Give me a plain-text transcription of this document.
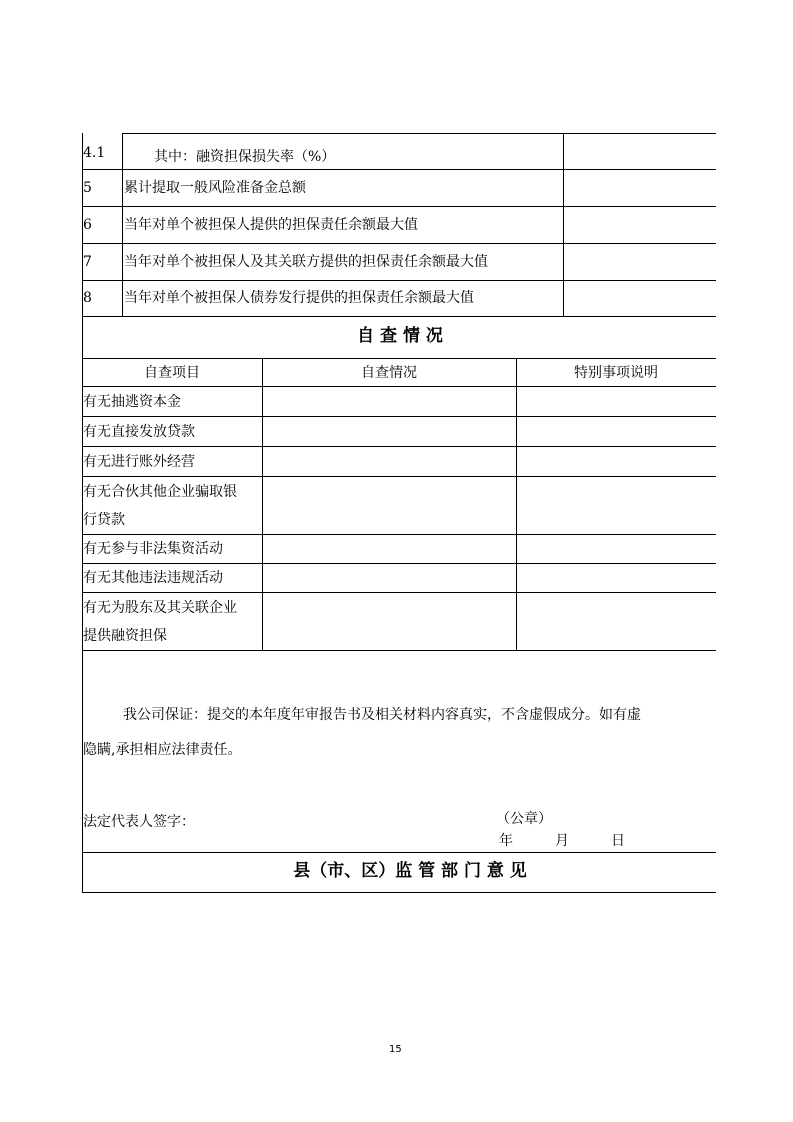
4.1	其中：融资担保损失率（%）
5 累计提取一般风险准备金总额
6 当年对单个被担保人提供的担保责任余额最大值
7 当年对单个被担保人及其关联方提供的担保责任余额最大值
8 当年对单个被担保人债券发行提供的担保责任余额最大值
自 查 情 况
自查项目	自查情况	特别事项说明
有无抽逃资本金
有无直接发放贷款
有无进行账外经营
有无合伙其他企业骗取银
行贷款
有无参与非法集资活动
有无其他违法违规活动
有无为股东及其关联企业
提供融资担保
我公司保证：提交的本年度年审报告书及相关材料内容真实，不含虚假成分。如有虚
隐瞒,承担相应法律责任。
法定代表人签字：	（公章）
年	月	日
县（市、区）监 管 部 门 意 见
15
